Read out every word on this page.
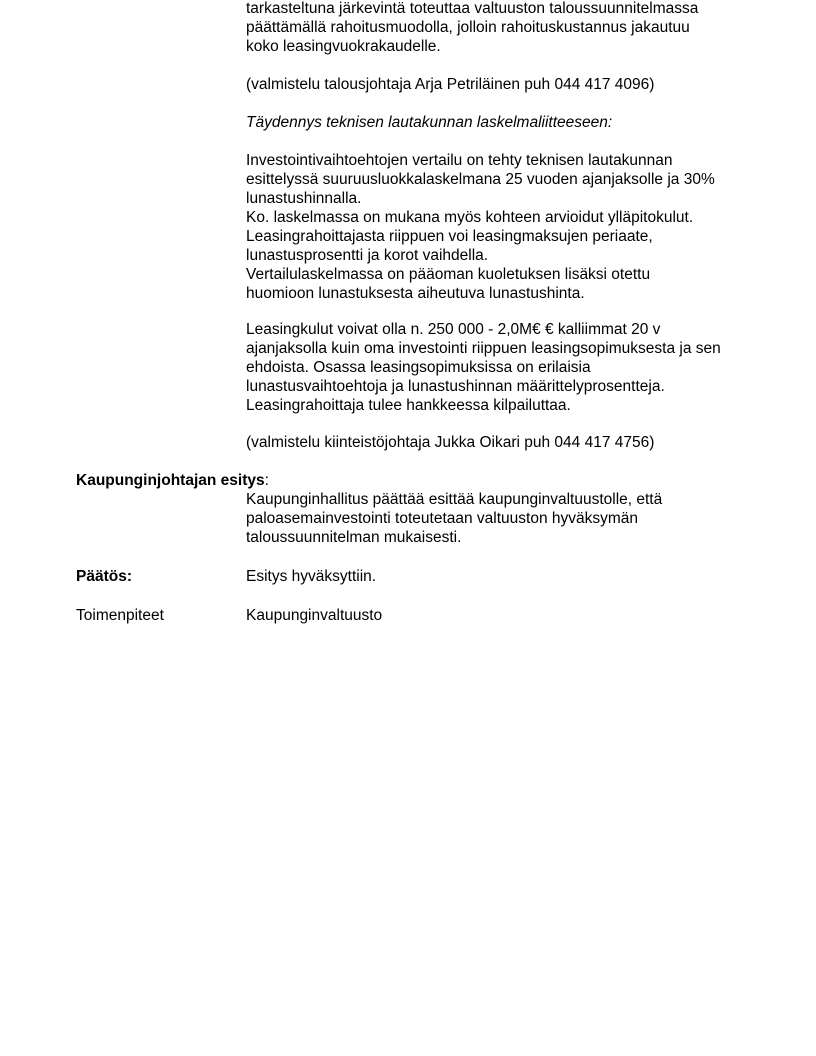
tarkasteltuna järkevintä toteuttaa valtuuston taloussuunnitelmassa
päättämällä rahoitusmuodolla, jolloin rahoituskustannus jakautuu
koko leasingvuokrakaudelle.
(valmistelu talousjohtaja Arja Petriläinen puh 044 417 4096)
Täydennys teknisen lautakunnan laskelmaliitteeseen:
Investointivaihtoehtojen vertailu on tehty teknisen lautakunnan
esittelyssä suuruusluokkalaskelmana 25 vuoden ajanjaksolle ja 30%
lunastushinnalla.
Ko. laskelmassa on mukana myös kohteen arvioidut ylläpitokulut.
Leasingrahoittajasta riippuen voi leasingmaksujen periaate,
lunastusprosentti ja korot vaihdella.
Vertailulaskelmassa on pääoman kuoletuksen lisäksi otettu
huomioon lunastuksesta aiheutuva lunastushinta.
Leasingkulut voivat olla n. 250 000 - 2,0M€ € kalliimmat 20 v
ajanjaksolla kuin oma investointi riippuen leasingsopimuksesta ja sen
ehdoista. Osassa leasingsopimuksissa on erilaisia
lunastusvaihtoehtoja ja lunastushinnan määrittelyprosentteja.
Leasingrahoittaja tulee hankkeessa kilpailuttaa.
(valmistelu kiinteistöjohtaja Jukka Oikari puh 044 417 4756)
Kaupunginjohtajan esitys:
Kaupunginhallitus päättää esittää kaupunginvaltuustolle, että
paloasemainvestointi toteutetaan valtuuston hyväksymän
taloussuunnitelman mukaisesti.
Päätös:	Esitys hyväksyttiin.
Toimenpiteet	Kaupunginvaltuusto
